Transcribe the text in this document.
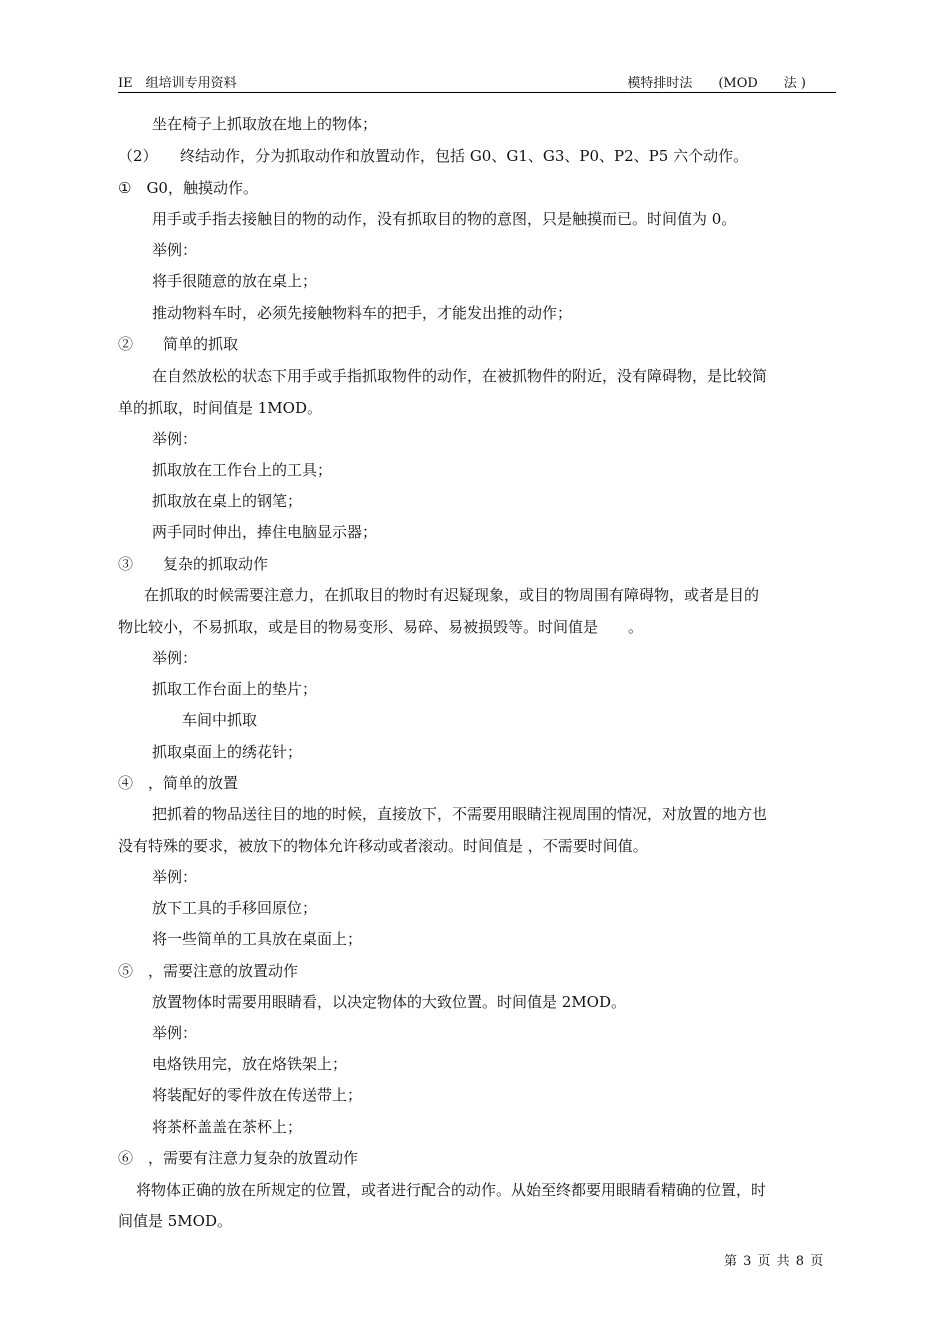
IE　组培训专用资料	模特排时法　　(MOD　　法 )
坐在椅子上抓取放在地上的物体；
（2）　　终结动作，分为抓取动作和放置动作，包括 G0、G1、G3、P0、P2、P5 六个动作。
①　G0，触摸动作。
用手或手指去接触目的物的动作，没有抓取目的物的意图，只是触摸而已。时间值为 0。
举例：
将手很随意的放在桌上；
推动物料车时，必须先接触物料车的把手，才能发出推的动作；
②　　简单的抓取
在自然放松的状态下用手或手指抓取物件的动作，在被抓物件的附近，没有障碍物，是比较简
单的抓取，时间值是 1MOD。
举例：
抓取放在工作台上的工具；
抓取放在桌上的钢笔；
两手同时伸出，捧住电脑显示器；
③　　复杂的抓取动作
在抓取的时候需要注意力，在抓取目的物时有迟疑现象，或目的物周围有障碍物，或者是目的
物比较小，不易抓取，或是目的物易变形、易碎、易被损毁等。时间值是　　。
举例：
抓取工作台面上的垫片；
车间中抓取
抓取桌面上的绣花针；
④　，简单的放置
把抓着的物品送往目的地的时候，直接放下，不需要用眼睛注视周围的情况，对放置的地方也
没有特殊的要求，被放下的物体允许移动或者滚动。时间值是 ，不需要时间值。
举例：
放下工具的手移回原位；
将一些简单的工具放在桌面上；
⑤　，需要注意的放置动作
放置物体时需要用眼睛看，以决定物体的大致位置。时间值是 2MOD。
举例：
电烙铁用完，放在烙铁架上；
将装配好的零件放在传送带上；
将茶杯盖盖在茶杯上；
⑥　，需要有注意力复杂的放置动作
将物体正确的放在所规定的位置，或者进行配合的动作。从始至终都要用眼睛看精确的位置，时
间值是 5MOD。
第 3 页 共 8 页
